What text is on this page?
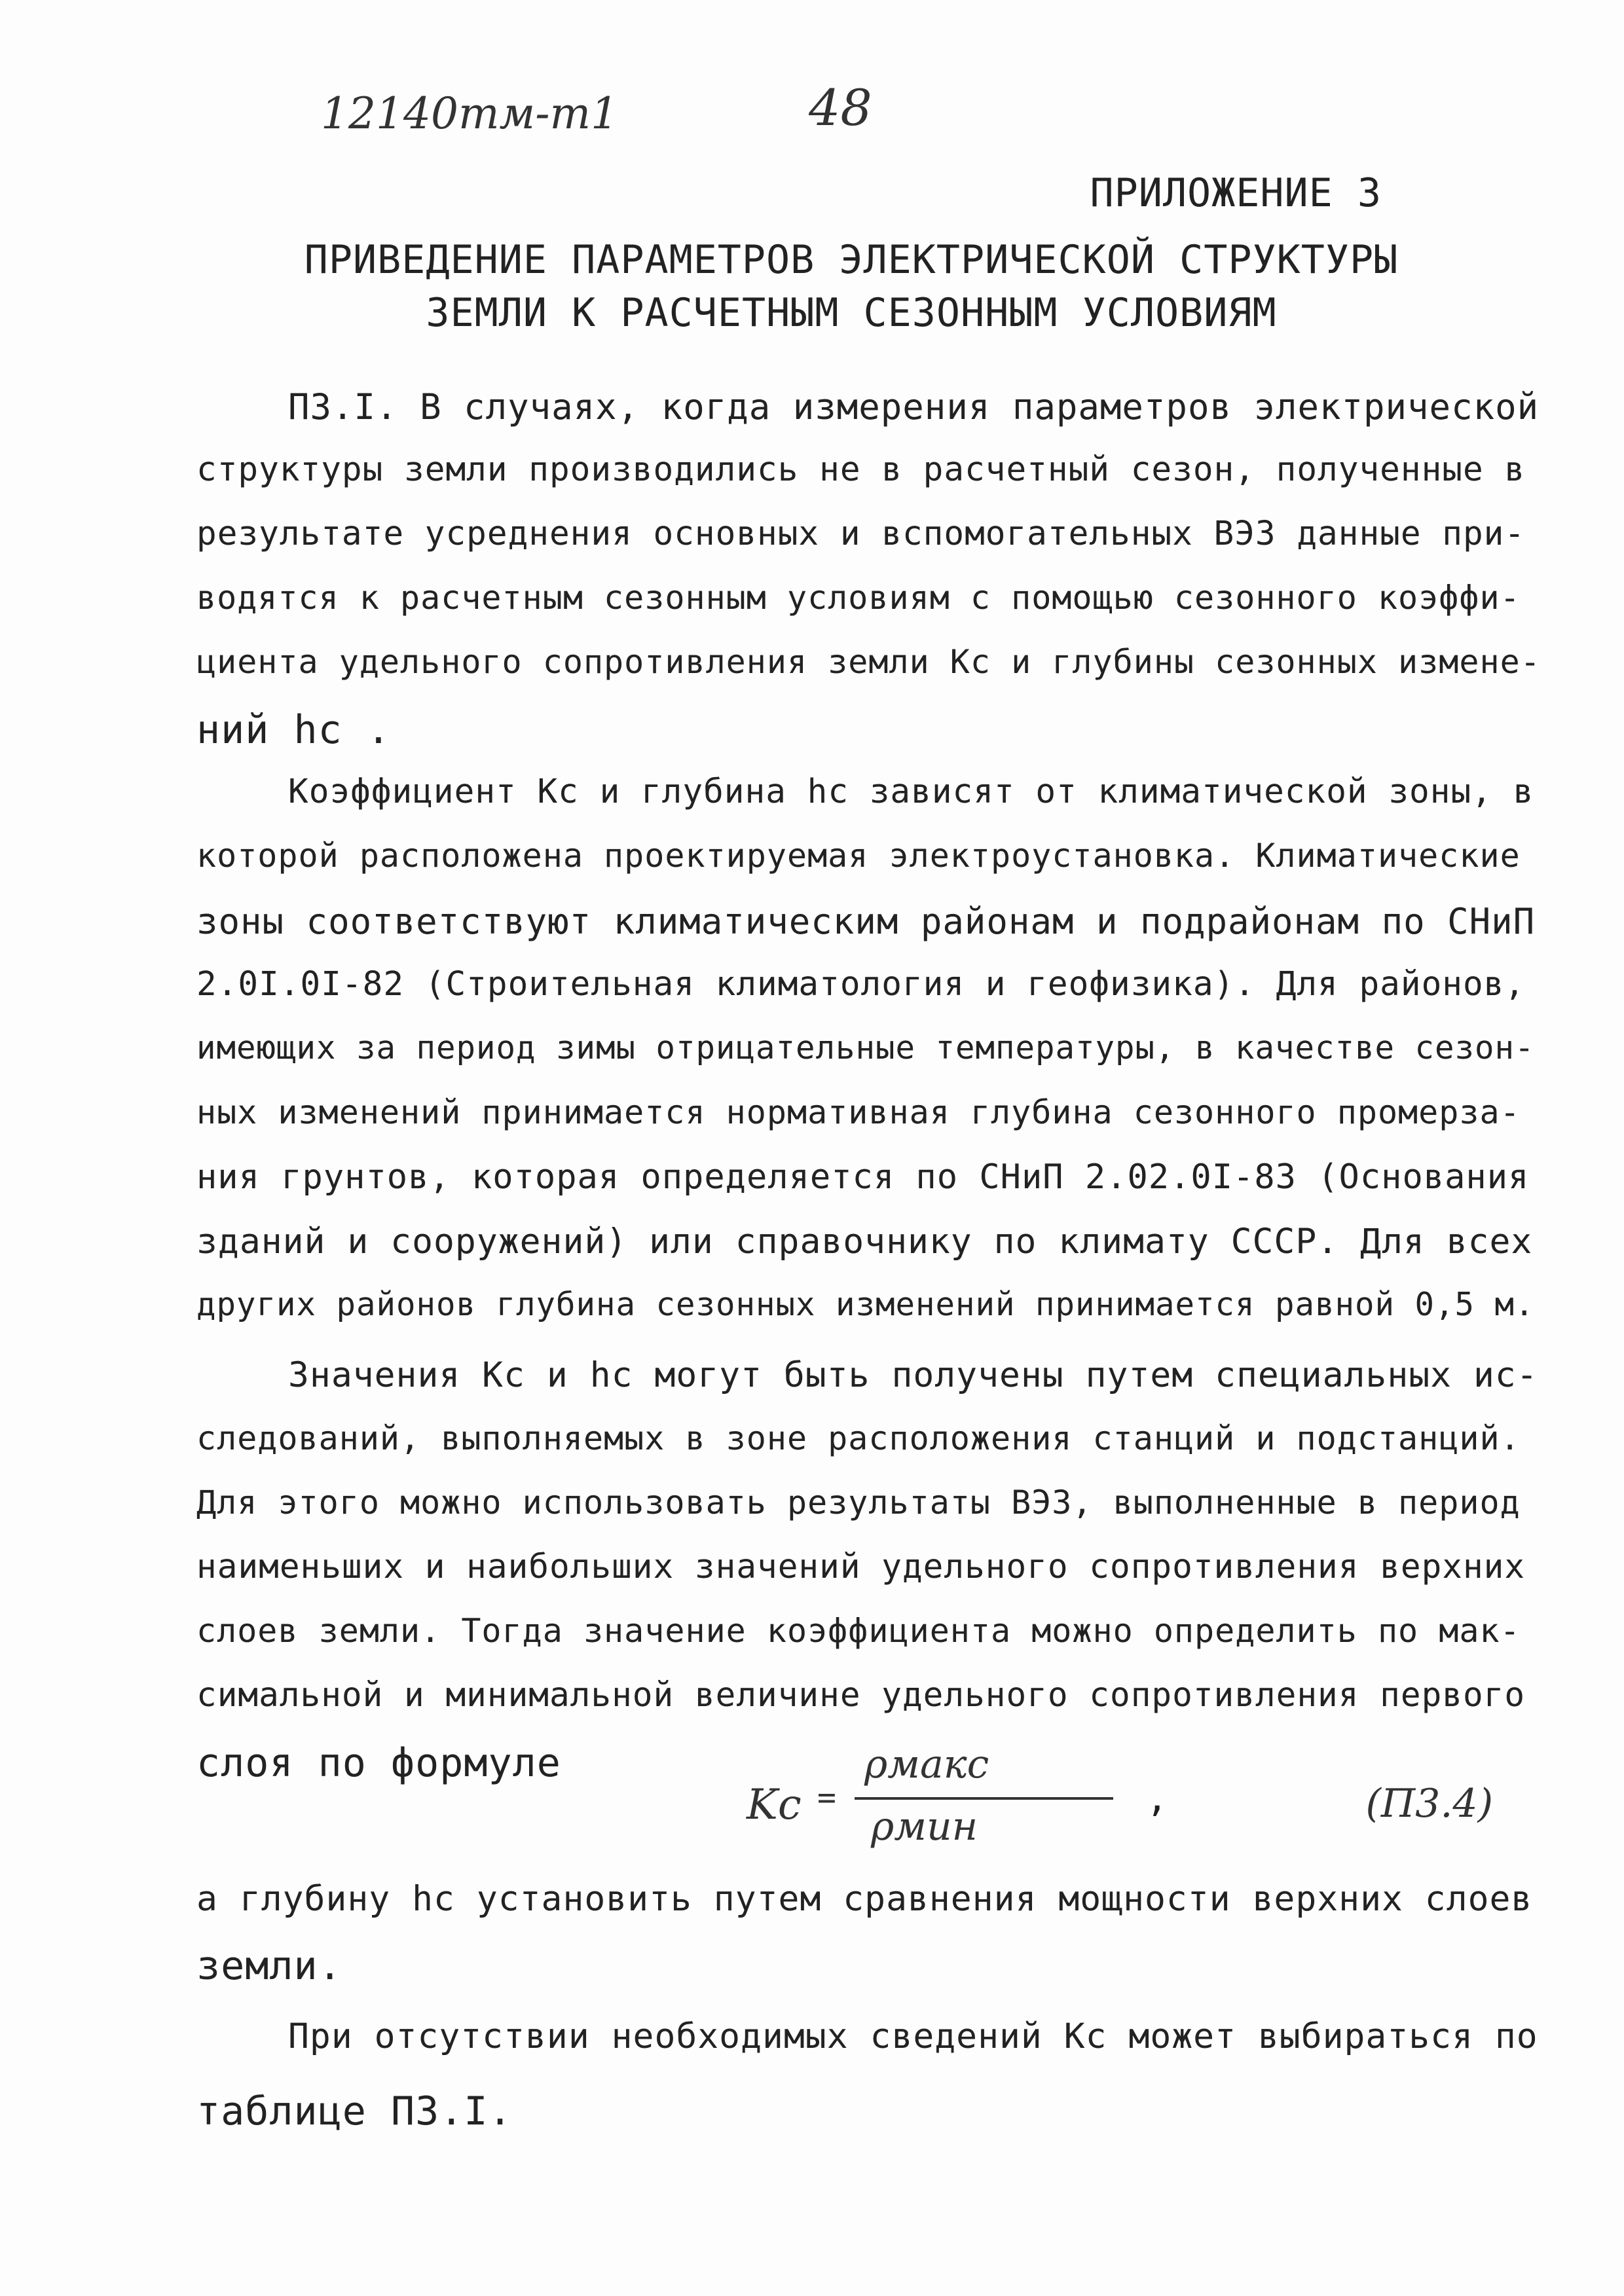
12140тм-т1	48
ПРИЛОЖЕНИЕ 3
ПРИВЕДЕНИЕ ПАРАМЕТРОВ ЭЛЕКТРИЧЕСКОЙ СТРУКТУРЫ
ЗЕМЛИ К РАСЧЕТНЫМ СЕЗОННЫМ УСЛОВИЯМ
П3.I. В случаях, когда измерения параметров электрической
структуры земли производились не в расчетный сезон, полученные в
результате усреднения основных и вспомогательных ВЭЗ данные при-
водятся к расчетным сезонным условиям с помощью сезонного коэффи-
циента удельного сопротивления земли Kс и глубины сезонных измене-
ний hс .
Коэффициент Kс и глубина hс зависят от климатической зоны, в
которой расположена проектируемая электроустановка. Климатические
зоны соответствуют климатическим районам и подрайонам по СНиП
2.0I.0I-82 (Строительная климатология и геофизика). Для районов,
имеющих за период зимы отрицательные температуры, в качестве сезон-
ных изменений принимается нормативная глубина сезонного промерза-
ния грунтов, которая определяется по СНиП 2.02.0I-83 (Основания
зданий и сооружений) или справочнику по климату СССР. Для всех
других районов глубина сезонных изменений принимается равной 0,5 м.
Значения Kс и hс могут быть получены путем специальных ис-
следований, выполняемых в зоне расположения станций и подстанций.
Для этого можно использовать результаты ВЭЗ, выполненные в период
наименьших и наибольших значений удельного сопротивления верхних
слоев земли. Тогда значение коэффициента можно определить по мак-
симальной и минимальной величине удельного сопротивления первого
слоя по формуле
Kс =
ρмакс
ρмин
,	(П3.4)
а глубину hс установить путем сравнения мощности верхних слоев
земли.
При отсутствии необходимых сведений Kс может выбираться по
таблице П3.I.
